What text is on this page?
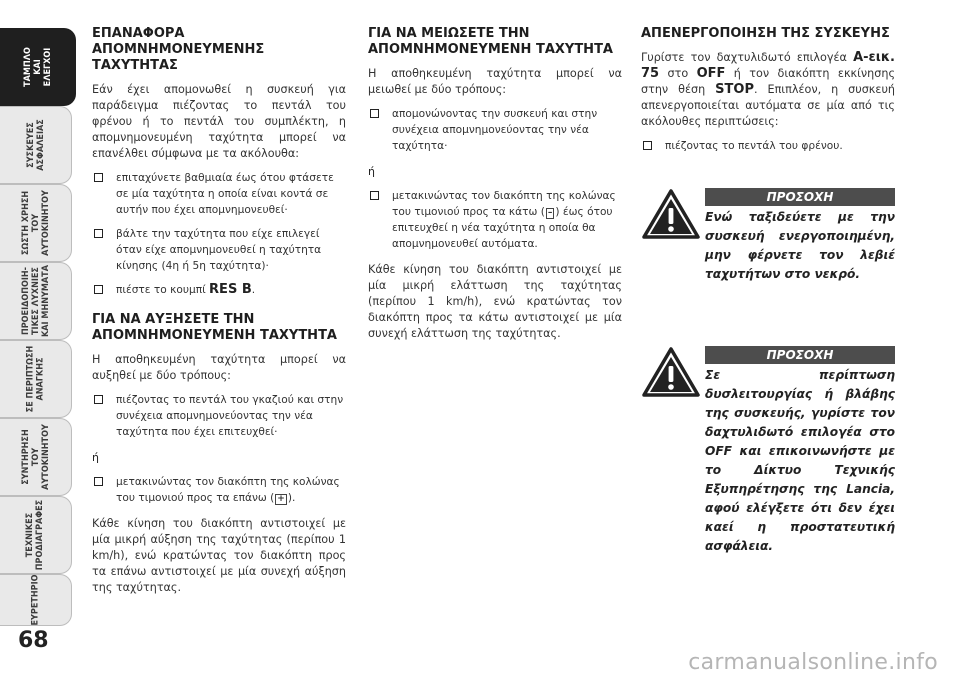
ΤΑΜΠΛΟ
ΚΑΙ
ΕΛΕΓΧΟΙ
ΣΥΣΚΕΥΕΣ
ΑΣΦΑΛΕΙΑΣ
ΣΩΣΤΗ ΧΡΗΣΗ
ΤΟΥ
ΑΥΤΟΚΙΝΗΤΟΥ
ΠΡΟΕΙΔΟΠΟΙΗ-
ΤΙΚΕΣ ΛΥΧΝΙΕΣ
ΚΑΙ ΜΗΝΥΜΑΤΑ
ΣΕ ΠΕΡΙΠΤΩΣΗ
ΑΝΑΓΚΗΣ
ΣΥΝΤΗΡΗΣΗ
ΤΟΥ
ΑΥΤΟΚΙΝΗΤΟΥ
ΤΕΧΝΙΚΕΣ
ΠΡΟΔΙΑΓΡΑΦΕΣ
ΕΥΡΕΤΗΡΙΟ
68
ΕΠΑΝΑΦΟΡΑ ΑΠΟΜΝΗΜΟΝΕΥΜΕΝΗΣ ΤΑΧΥΤΗΤΑΣ

Εάν έχει απομονωθεί η συσκευή για παράδειγμα πιέζοντας το πεντάλ του φρένου ή το πεντάλ του συμπλέκτη, η απομνημονευμένη ταχύτητα μπορεί να επανέλθει σύμφωνα με τα ακόλουθα:

επιταχύνετε βαθμιαία έως ότου φτάσετε σε μία ταχύτητα η οποία είναι κοντά σε αυτήν που έχει απομνημονευθεί·
βάλτε την ταχύτητα που είχε επιλεγεί όταν είχε απομνημονευθεί η ταχύτητα κίνησης (4η ή 5η ταχύτητα)·
πιέστε το κουμπί RES B.
ΓΙΑ ΝΑ ΑΥΞΗΣΕΤΕ ΤΗΝ ΑΠΟΜΝΗΜΟΝΕΥΜΕΝΗ ΤΑΧΥΤΗΤΑ

Η αποθηκευμένη ταχύτητα μπορεί να αυξηθεί με δύο τρόπους:

πιέζοντας το πεντάλ του γκαζιού και στην συνέχεια απομνημονεύοντας την νέα ταχύτητα που έχει επιτευχθεί·
ή
μετακινώντας τον διακόπτη της κολώνας του τιμονιού προς τα επάνω ( + ).

Κάθε κίνηση του διακόπτη αντιστοιχεί με μία μικρή αύξηση της ταχύτητας (περίπου 1 km/h), ενώ κρατώντας τον διακόπτη προς τα επάνω αντιστοιχεί με μία συνεχή αύξηση της ταχύτητας.

ΓΙΑ ΝΑ ΜΕΙΩΣΕΤΕ ΤΗΝ ΑΠΟΜΝΗΜΟΝΕΥΜΕΝΗ ΤΑΧΥΤΗΤΑ

Η αποθηκευμένη ταχύτητα μπορεί να μειωθεί με δύο τρόπους:

απομονώνοντας την συσκευή και στην συνέχεια απομνημονεύοντας την νέα ταχύτητα·
ή
μετακινώντας τον διακόπτη της κολώνας του τιμονιού προς τα κάτω ( – ) έως ότου επιτευχθεί η νέα ταχύτητα η οποία θα απομνημονευθεί αυτόματα.

Κάθε κίνηση του διακόπτη αντιστοιχεί με μία μικρή ελάττωση της ταχύτητας (περίπου 1 km/h), ενώ κρατώντας τον διακόπτη προς τα κάτω αντιστοιχεί με μία συνεχή ελάττωση της ταχύτητας.

ΑΠΕΝΕΡΓΟΠΟΙΗΣΗ ΤΗΣ ΣΥΣΚΕΥΗΣ

Γυρίστε τον δαχτυλιδωτό επιλογέα A-εικ. 75 στο OFF ή τον διακόπτη εκκίνησης στην θέση STOP. Επιπλέον, η συσκευή απενεργοποιείται αυτόματα σε μία από τις ακόλουθες περιπτώσεις:

πιέζοντας το πεντάλ του φρένου.
ΠΡΟΣΟΧΗ
Ενώ ταξιδεύετε με την συσκευή ενεργοποιημένη, μην φέρνετε τον λεβιέ ταχυτήτων στο νεκρό.
ΠΡΟΣΟΧΗ
Σε περίπτωση δυσλειτουργίας ή βλάβης της συσκευής, γυρίστε τον δαχτυλιδωτό επιλογέα στο OFF και επικοινωνήστε με το Δίκτυο Τεχνικής Εξυπηρέτησης της Lancia, αφού ελέγξετε ότι δεν έχει καεί η προστατευτική ασφάλεια.
carmanualsonline.info
